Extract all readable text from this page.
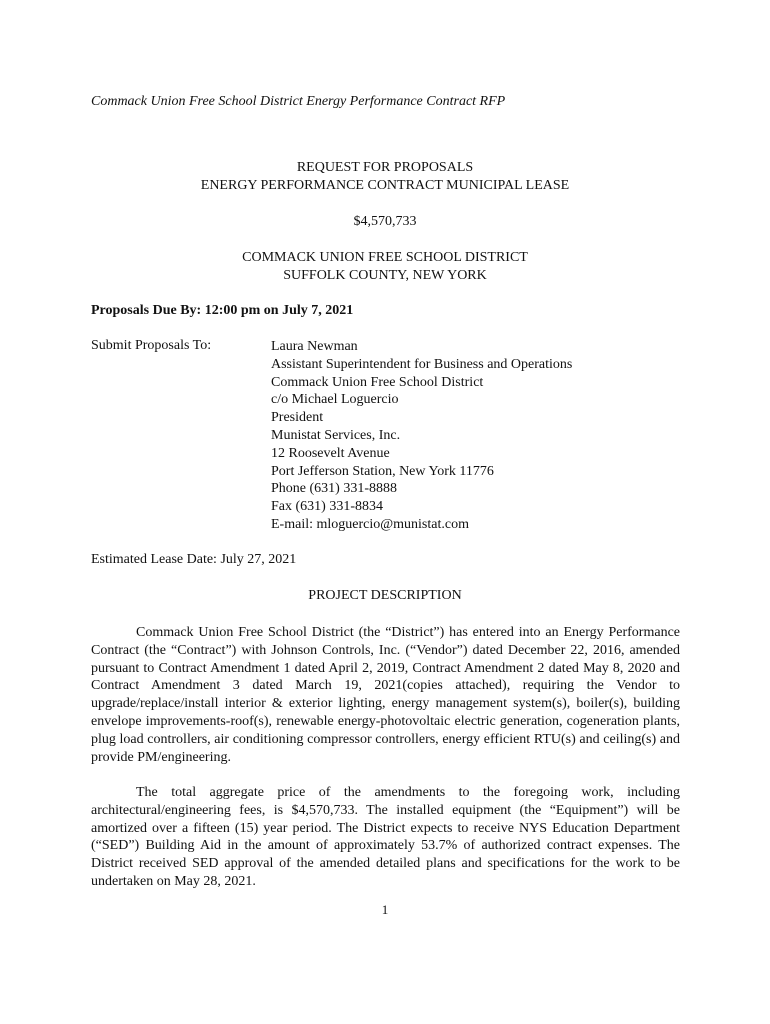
Commack Union Free School District Energy Performance Contract RFP
REQUEST FOR PROPOSALS
ENERGY PERFORMANCE CONTRACT MUNICIPAL LEASE
$4,570,733
COMMACK UNION FREE SCHOOL DISTRICT
SUFFOLK COUNTY, NEW YORK
Proposals Due By: 12:00 pm on July 7, 2021
Submit Proposals To:	Laura Newman
Assistant Superintendent for Business and Operations
Commack Union Free School District
c/o Michael Loguercio
President
Munistat Services, Inc.
12 Roosevelt Avenue
Port Jefferson Station, New York 11776
Phone (631) 331-8888
Fax (631) 331-8834
E-mail: mloguercio@munistat.com
Estimated Lease Date: July 27, 2021
PROJECT DESCRIPTION

Commack Union Free School District (the “District”) has entered into an Energy Performance Contract (the “Contract”) with Johnson Controls, Inc. (“Vendor”) dated December 22, 2016, amended pursuant to Contract Amendment 1 dated April 2, 2019, Contract Amendment 2 dated May 8, 2020 and Contract Amendment 3 dated March 19, 2021(copies attached), requiring the Vendor to upgrade/replace/install interior & exterior lighting, energy management system(s), boiler(s), building envelope improvements-roof(s), renewable energy-photovoltaic electric generation, cogeneration plants, plug load controllers, air conditioning compressor controllers, energy efficient RTU(s) and ceiling(s) and provide PM/engineering.

The total aggregate price of the amendments to the foregoing work, including architectural/engineering fees, is $4,570,733. The installed equipment (the “Equipment”) will be amortized over a fifteen (15) year period. The District expects to receive NYS Education Department (“SED”) Building Aid in the amount of approximately 53.7% of authorized contract expenses. The District received SED approval of the amended detailed plans and specifications for the work to be undertaken on May 28, 2021.

1
